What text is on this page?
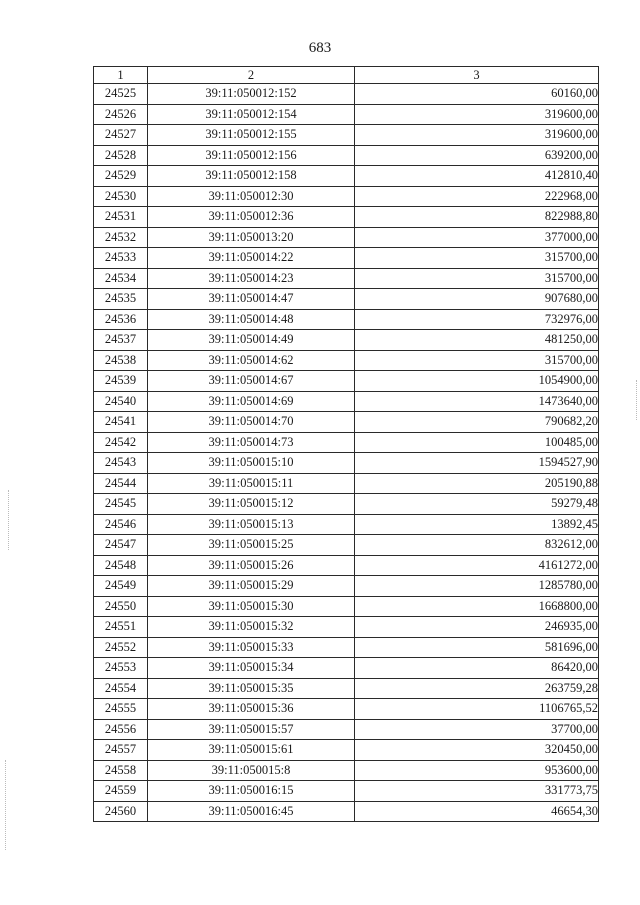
683
1	2	3
24525	39:11:050012:152	60160,00
24526	39:11:050012:154	319600,00
24527	39:11:050012:155	319600,00
24528	39:11:050012:156	639200,00
24529	39:11:050012:158	412810,40
24530	39:11:050012:30	222968,00
24531	39:11:050012:36	822988,80
24532	39:11:050013:20	377000,00
24533	39:11:050014:22	315700,00
24534	39:11:050014:23	315700,00
24535	39:11:050014:47	907680,00
24536	39:11:050014:48	732976,00
24537	39:11:050014:49	481250,00
24538	39:11:050014:62	315700,00
24539	39:11:050014:67	1054900,00
24540	39:11:050014:69	1473640,00
24541	39:11:050014:70	790682,20
24542	39:11:050014:73	100485,00
24543	39:11:050015:10	1594527,90
24544	39:11:050015:11	205190,88
24545	39:11:050015:12	59279,48
24546	39:11:050015:13	13892,45
24547	39:11:050015:25	832612,00
24548	39:11:050015:26	4161272,00
24549	39:11:050015:29	1285780,00
24550	39:11:050015:30	1668800,00
24551	39:11:050015:32	246935,00
24552	39:11:050015:33	581696,00
24553	39:11:050015:34	86420,00
24554	39:11:050015:35	263759,28
24555	39:11:050015:36	1106765,52
24556	39:11:050015:57	37700,00
24557	39:11:050015:61	320450,00
24558	39:11:050015:8	953600,00
24559	39:11:050016:15	331773,75
24560	39:11:050016:45	46654,30
